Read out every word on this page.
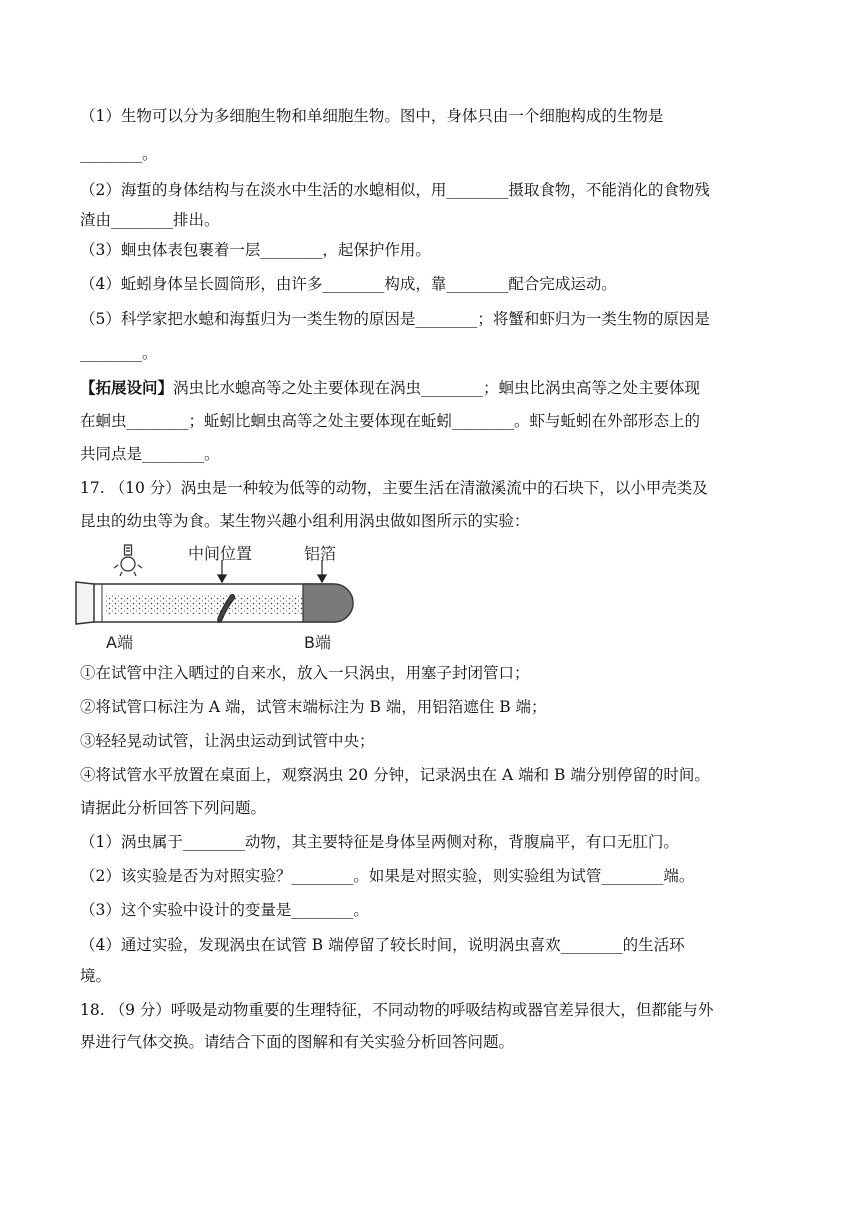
（1）生物可以分为多细胞生物和单细胞生物。图中，身体只由一个细胞构成的生物是
________。
（2）海蜇的身体结构与在淡水中生活的水螅相似，用________摄取食物，不能消化的食物残
渣由________排出。
（3）蛔虫体表包裹着一层________，起保护作用。
（4）蚯蚓身体呈长圆筒形，由许多________构成，靠________配合完成运动。
（5）科学家把水螅和海蜇归为一类生物的原因是________；将蟹和虾归为一类生物的原因是
________。
【拓展设问】涡虫比水螅高等之处主要体现在涡虫________；蛔虫比涡虫高等之处主要体现
在蛔虫________；蚯蚓比蛔虫高等之处主要体现在蚯蚓________。虾与蚯蚓在外部形态上的
共同点是________。
17. （10 分）涡虫是一种较为低等的动物，主要生活在清澈溪流中的石块下，以小甲壳类及
昆虫的幼虫等为食。某生物兴趣小组利用涡虫做如图所示的实验：
中间位置	铝箔
A端	B端
①在试管中注入晒过的自来水，放入一只涡虫，用塞子封闭管口；
②将试管口标注为 A 端，试管末端标注为 B 端，用铝箔遮住 B 端；
③轻轻晃动试管，让涡虫运动到试管中央；
④将试管水平放置在桌面上，观察涡虫 20 分钟，记录涡虫在 A 端和 B 端分别停留的时间。
请据此分析回答下列问题。
（1）涡虫属于________动物，其主要特征是身体呈两侧对称，背腹扁平，有口无肛门。
（2）该实验是否为对照实验？________。如果是对照实验，则实验组为试管________端。
（3）这个实验中设计的变量是________。
（4）通过实验，发现涡虫在试管 B 端停留了较长时间，说明涡虫喜欢________的生活环
境。
18. （9 分）呼吸是动物重要的生理特征，不同动物的呼吸结构或器官差异很大，但都能与外
界进行气体交换。请结合下面的图解和有关实验分析回答问题。
